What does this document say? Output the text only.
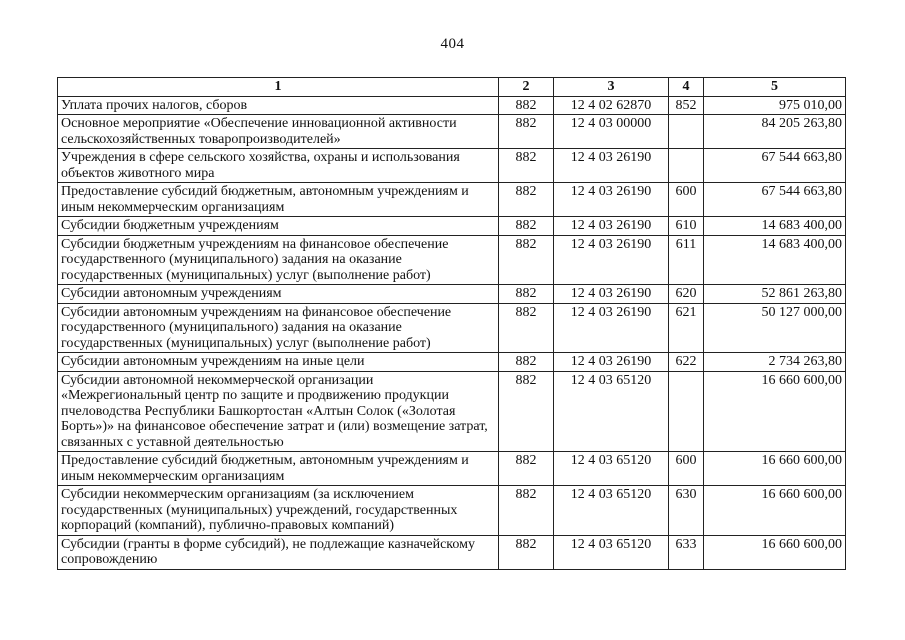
404
1	2	3	4	5
Уплата прочих налогов, сборов	882	12 4 02 62870	852	975 010,00
Основное мероприятие «Обеспечение инновационной активности сельскохозяйственных товаропроизводителей»	882	12 4 03 00000		84 205 263,80
Учреждения в сфере сельского хозяйства, охраны и использования объектов животного мира	882	12 4 03 26190		67 544 663,80
Предоставление субсидий бюджетным, автономным учреждениям и иным некоммерческим организациям	882	12 4 03 26190	600	67 544 663,80
Субсидии бюджетным учреждениям	882	12 4 03 26190	610	14 683 400,00
Субсидии бюджетным учреждениям на финансовое обеспечение государственного (муниципального) задания на оказание государственных (муниципальных) услуг (выполнение работ)	882	12 4 03 26190	611	14 683 400,00
Субсидии автономным учреждениям	882	12 4 03 26190	620	52 861 263,80
Субсидии автономным учреждениям на финансовое обеспечение государственного (муниципального) задания на оказание государственных (муниципальных) услуг (выполнение работ)	882	12 4 03 26190	621	50 127 000,00
Субсидии автономным учреждениям на иные цели	882	12 4 03 26190	622	2 734 263,80
Субсидии автономной некоммерческой организации «Межрегиональный центр по защите и продвижению продукции пчеловодства Республики Башкортостан «Алтын Солок («Золотая Борть»)» на финансовое обеспечение затрат и (или) возмещение затрат, связанных с уставной деятельностью	882	12 4 03 65120		16 660 600,00
Предоставление субсидий бюджетным, автономным учреждениям и иным некоммерческим организациям	882	12 4 03 65120	600	16 660 600,00
Субсидии некоммерческим организациям (за исключением государственных (муниципальных) учреждений, государственных корпораций (компаний), публично-правовых компаний)	882	12 4 03 65120	630	16 660 600,00
Субсидии (гранты в форме субсидий), не подлежащие казначейскому сопровождению	882	12 4 03 65120	633	16 660 600,00
